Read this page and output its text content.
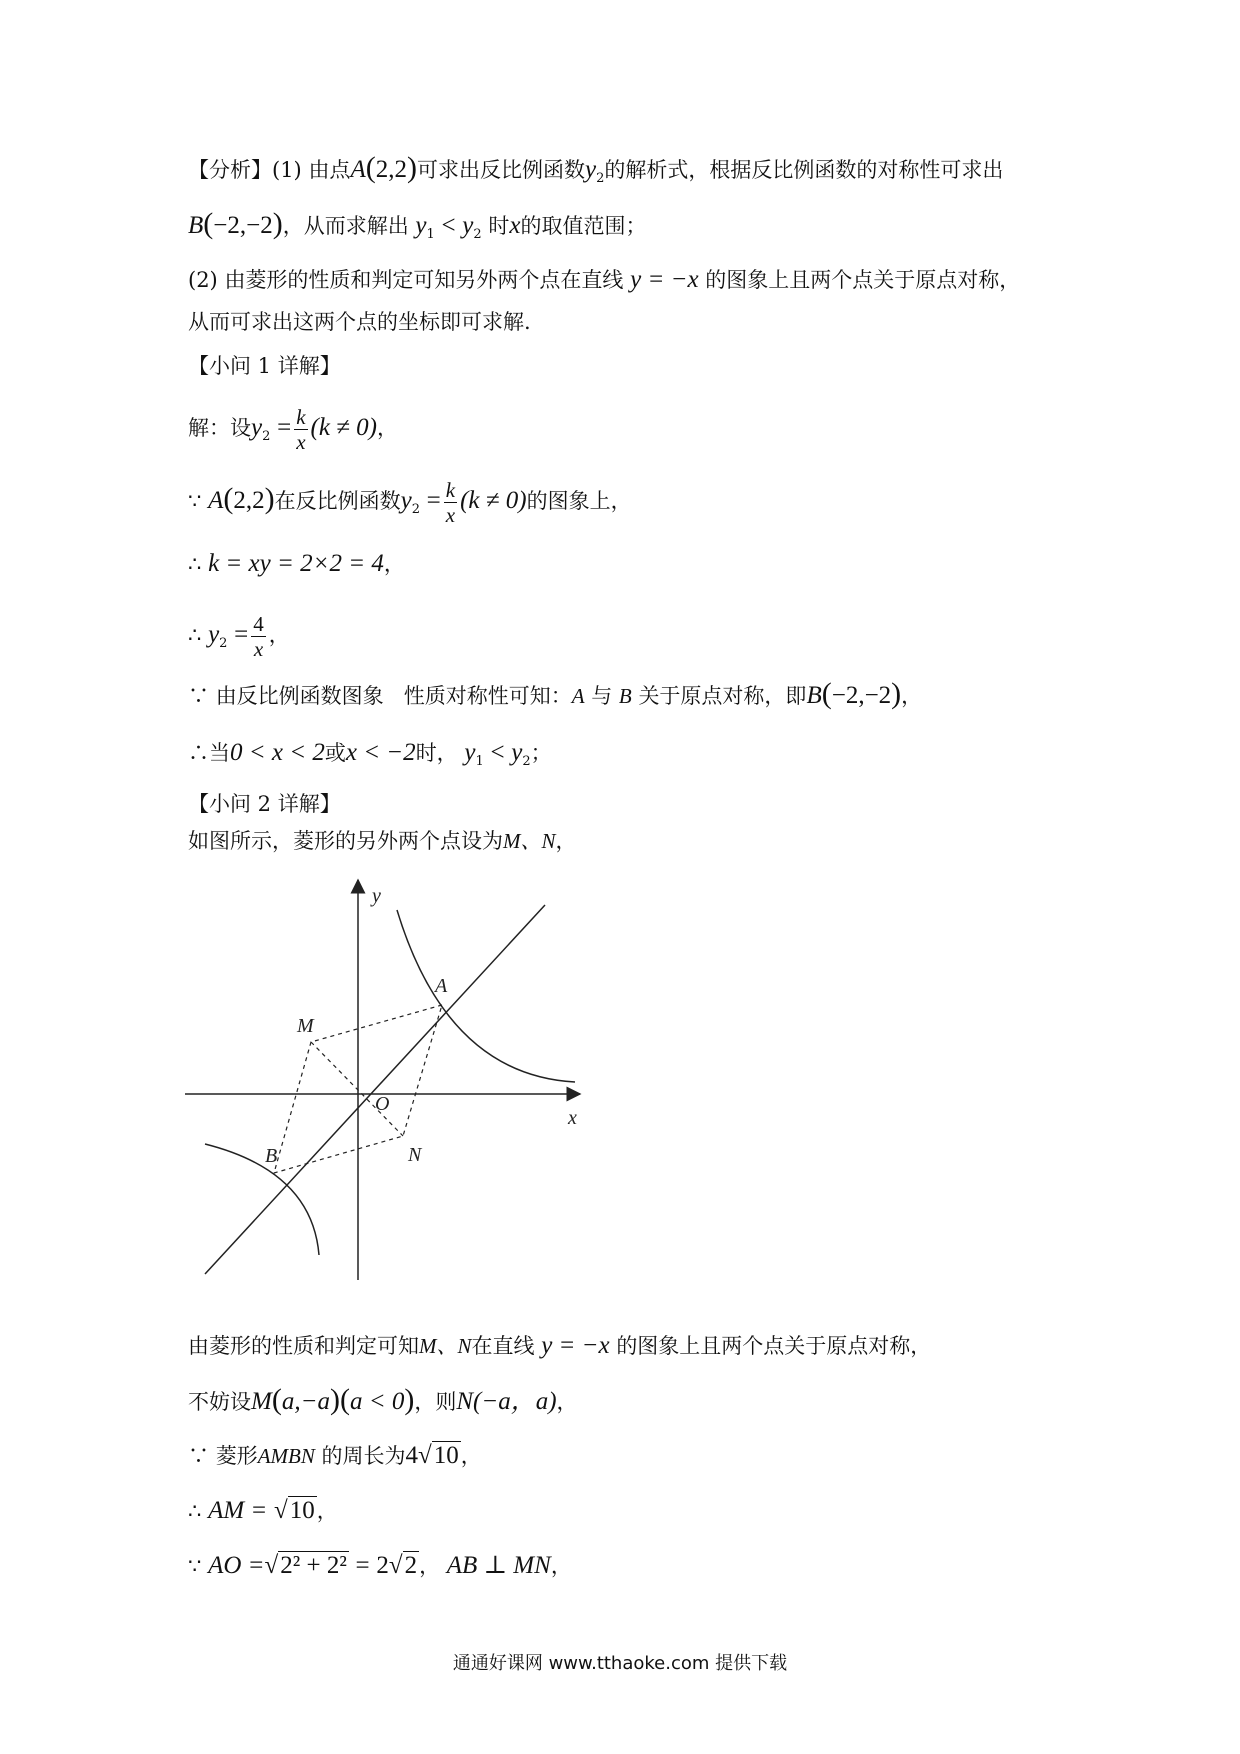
【分析】(1) 由点A(2,2)可求出反比例函数$y_2$的解析式，根据反比例函数的对称性可求出
B(−2,−2)，从而求解出 $y_1 < y_2$ 时x的取值范围；
(2) 由菱形的性质和判定可知另外两个点在直线 y = −x 的图象上且两个点关于原点对称，
从而可求出这两个点的坐标即可求解.
【小问 1 详解】
解：设$y_2 = \frac{k}{x} (k \ne 0)$，
∵ A(2,2)在反比例函数$y_2 = \frac{k}{x} (k \ne 0)$的图象上，
∴ k = xy = 2×2 = 4，
∴ $y_2 = \frac{4}{x}$ ，
∵ 由反比例函数图象 性质对称性可知：A 与 B 关于原点对称，即B(−2,−2)，
∴当0 < x < 2或x < −2时， $y_1 < y_2$；
【小问 2 详解】
如图所示，菱形的另外两个点设为M、N，
y
x
O
A
M
B	N
由菱形的性质和判定可知M、N在直线 y = −x 的图象上且两个点关于原点对称，
不妨设M(a,−a)(a < 0)，则N(−a，a)，
∵ 菱形AMBN 的周长为4√10，
∴ AM = √10，
∵ AO =√2² + 2² = 2√2， AB ⊥ MN，
通通好课网 www.tthaoke.com 提供下载
